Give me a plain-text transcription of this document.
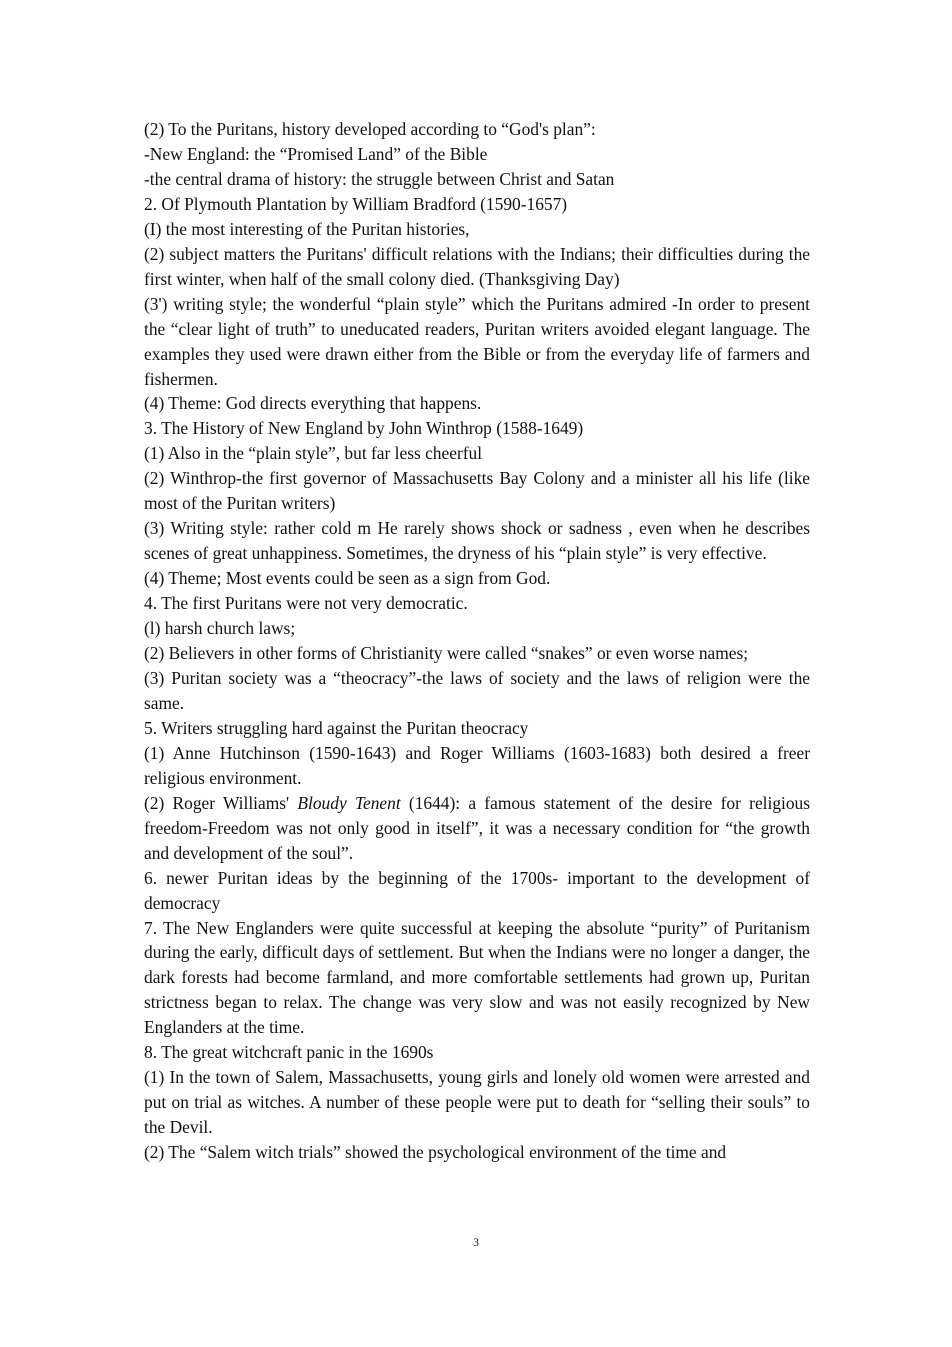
(2) To the Puritans, history developed according to “God's plan”:

-New England: the “Promised Land” of the Bible

-the central drama of history: the struggle between Christ and Satan

2. Of Plymouth Plantation by William Bradford (1590-1657)

(I) the most interesting of the Puritan histories,

(2) subject matters the Puritans' difficult relations with the Indians; their difficulties during the first winter, when half of the small colony died. (Thanksgiving Day)

(3') writing style; the wonderful “plain style” which the Puritans admired -In order to present the “clear light of truth” to uneducated readers, Puritan writers avoided elegant language. The examples they used were drawn either from the Bible or from the everyday life of farmers and fishermen.

(4) Theme: God directs everything that happens.

3. The History of New England by John Winthrop (1588-1649)

(1) Also in the “plain style”, but far less cheerful

(2) Winthrop-the first governor of Massachusetts Bay Colony and a minister all his life (like most of the Puritan writers)

(3) Writing style: rather cold m He rarely shows shock or sadness , even when he describes scenes of great unhappiness. Sometimes, the dryness of his “plain style” is very effective.

(4) Theme; Most events could be seen as a sign from God.

4. The first Puritans were not very democratic.

(l) harsh church laws;

(2) Believers in other forms of Christianity were called “snakes” or even worse names;

(3) Puritan society was a “theocracy”-the laws of society and the laws of religion were the same.

5. Writers struggling hard against the Puritan theocracy

(1) Anne Hutchinson (1590-1643) and Roger Williams (1603-1683) both desired a freer religious environment.

(2) Roger Williams' Bloudy Tenent (1644): a famous statement of the desire for religious freedom-Freedom was not only good in itself”, it was a necessary condition for “the growth and development of the soul”.

6. newer Puritan ideas by the beginning of the 1700s- important to the development of democracy

7. The New Englanders were quite successful at keeping the absolute “purity” of Puritanism during the early, difficult days of settlement. But when the Indians were no longer a danger, the dark forests had become farmland, and more comfortable settlements had grown up, Puritan strictness began to relax. The change was very slow and was not easily recognized by New Englanders at the time.

8. The great witchcraft panic in the 1690s

(1) In the town of Salem, Massachusetts, young girls and lonely old women were arrested and put on trial as witches. A number of these people were put to death for “selling their souls” to the Devil.

(2) The “Salem witch trials” showed the psychological environment of the time and

3
